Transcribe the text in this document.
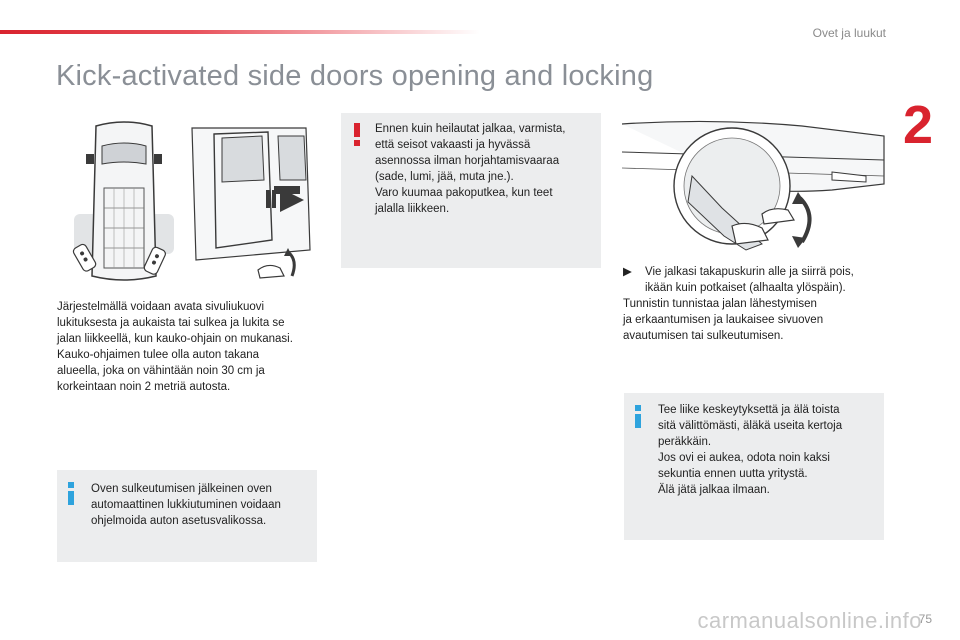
Ovet ja luukut
2
Kick-activated side doors opening and locking
Järjestelmällä voidaan avata sivuliukuovi
lukituksesta ja aukaista tai sulkea ja lukita se
jalan liikkeellä, kun kauko-ohjain on mukanasi.
Kauko-ohjaimen tulee olla auton takana
alueella, joka on vähintään noin 30 cm ja
korkeintaan noin 2 metriä autosta.
Ennen kuin heilautat jalkaa, varmista,
että seisot vakaasti ja hyvässä
asennossa ilman horjahtamisvaaraa
(sade, lumi, jää, muta jne.).
Varo kuumaa pakoputkea, kun teet
jalalla liikkeen.
Oven sulkeutumisen jälkeinen oven
automaattinen lukkiutuminen voidaan
ohjelmoida auton asetusvalikossa.
▶	Vie jalkasi takapuskurin alle ja siirrä pois,
ikään kuin potkaiset (alhaalta ylöspäin).
Tunnistin tunnistaa jalan lähestymisen
ja erkaantumisen ja laukaisee sivuoven
avautumisen tai sulkeutumisen.
Tee liike keskeytyksettä ja älä toista
sitä välittömästi, äläkä useita kertoja
peräkkäin.
Jos ovi ei aukea, odota noin kaksi
sekuntia ennen uutta yritystä.
Älä jätä jalkaa ilmaan.
75
carmanualsonline.info
